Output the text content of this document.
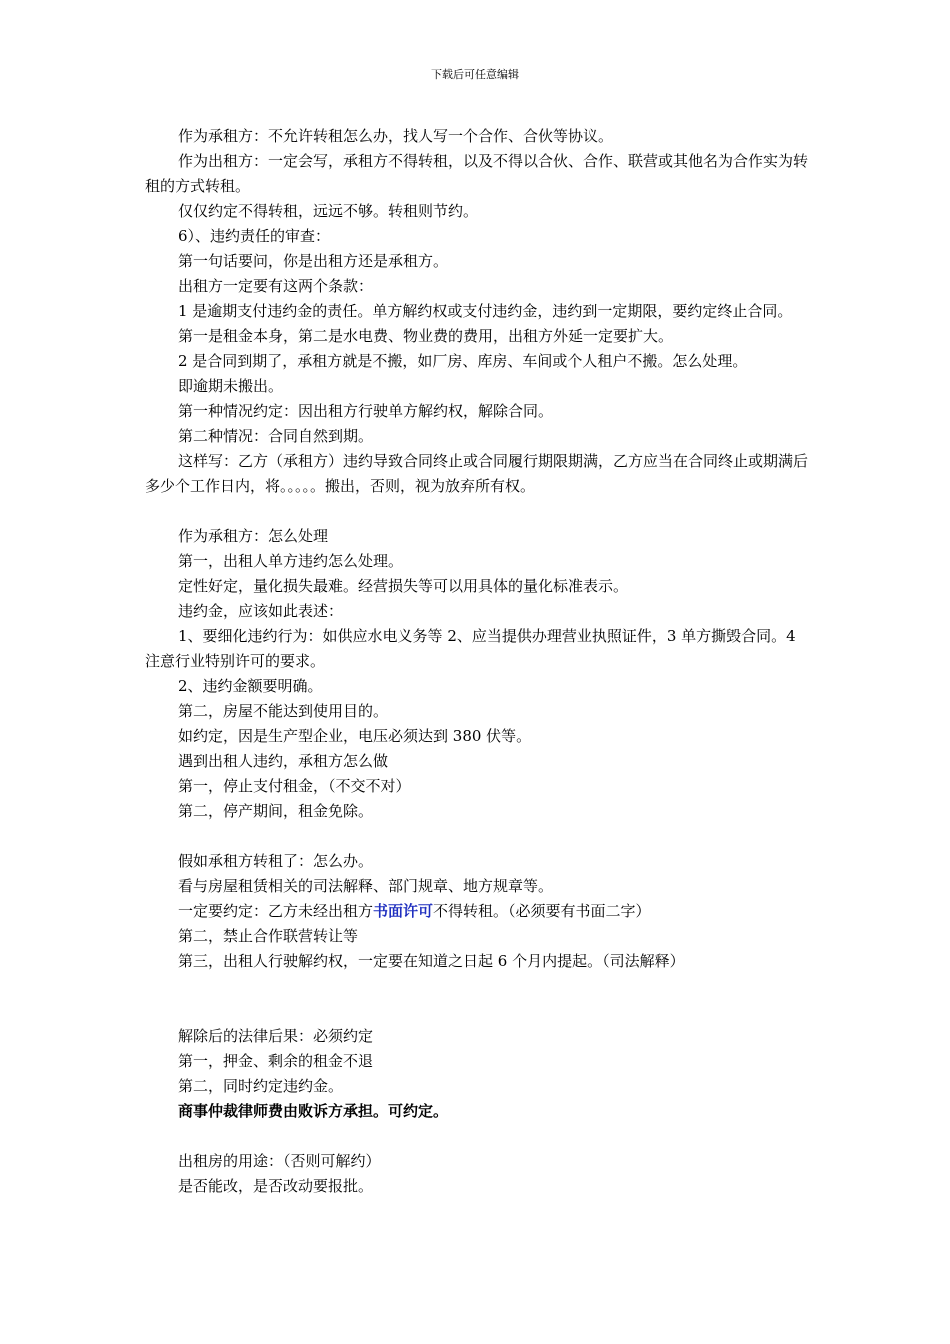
下载后可任意编辑

作为承租方：不允许转租怎么办，找人写一个合作、合伙等协议。

作为出租方：一定会写，承租方不得转租，以及不得以合伙、合作、联营或其他名为合作实为转租的方式转租。

仅仅约定不得转租，远远不够。转租则节约。

6）、违约责任的审查：

第一句话要问，你是出租方还是承租方。

出租方一定要有这两个条款：

1 是逾期支付违约金的责任。单方解约权或支付违约金，违约到一定期限，要约定终止合同。

第一是租金本身，第二是水电费、物业费的费用，出租方外延一定要扩大。

2 是合同到期了，承租方就是不搬，如厂房、库房、车间或个人租户不搬。怎么处理。

即逾期未搬出。

第一种情况约定：因出租方行驶单方解约权，解除合同。

第二种情况：合同自然到期。

这样写：乙方（承租方）违约导致合同终止或合同履行期限期满，乙方应当在合同终止或期满后多少个工作日内，将。。。。。搬出，否则，视为放弃所有权。

作为承租方：怎么处理

第一，出租人单方违约怎么处理。

定性好定，量化损失最难。经营损失等可以用具体的量化标准表示。

违约金，应该如此表述：

1、要细化违约行为：如供应水电义务等 2、应当提供办理营业执照证件，3 单方撕毁合同。4 注意行业特别许可的要求。

2、违约金额要明确。

第二，房屋不能达到使用目的。

如约定，因是生产型企业，电压必须达到 380 伏等。

遇到出租人违约，承租方怎么做

第一，停止支付租金，（不交不对）

第二，停产期间，租金免除。

假如承租方转租了：怎么办。

看与房屋租赁相关的司法解释、部门规章、地方规章等。

一定要约定：乙方未经出租方书面许可不得转租。（必须要有书面二字）

第二，禁止合作联营转让等

第三，出租人行驶解约权，一定要在知道之日起 6 个月内提起。（司法解释）

解除后的法律后果：必须约定

第一，押金、剩余的租金不退

第二，同时约定违约金。

商事仲裁律师费由败诉方承担。可约定。

出租房的用途：（否则可解约）

是否能改，是否改动要报批。
